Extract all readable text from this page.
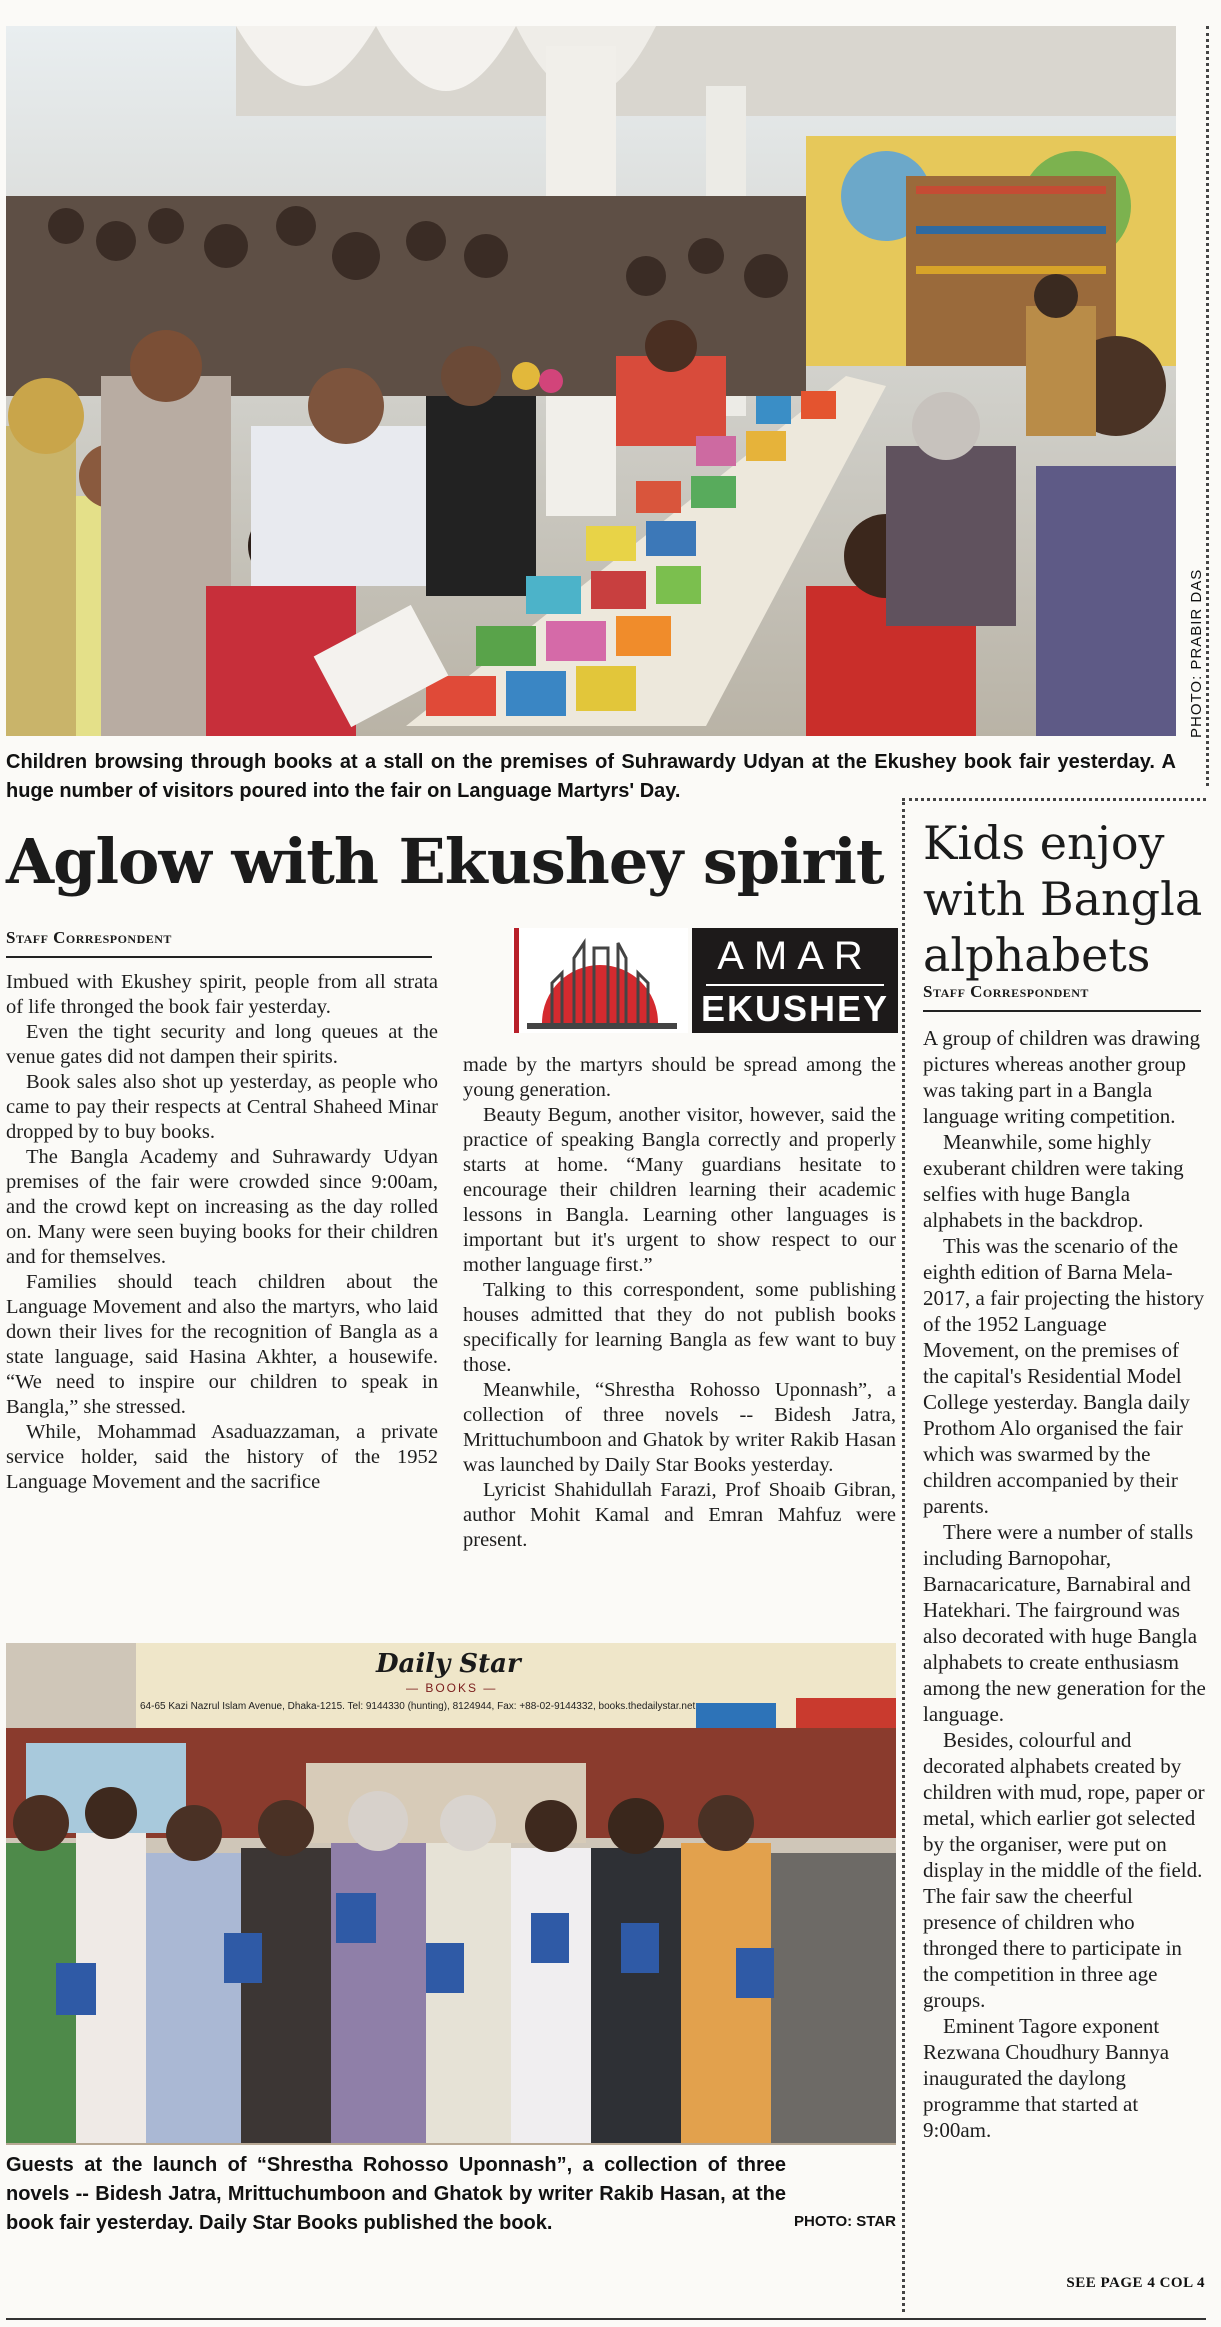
PHOTO: PRABIR DAS
Children browsing through books at a stall on the premises of Suhrawardy Udyan at the Ekushey book fair yesterday. A huge number of visitors poured into the fair on Language Martyrs' Day.
Aglow with Ekushey spirit
Staff Correspondent	AMAR
EKUSHEY

Imbued with Ekushey spirit, people from all strata of life thronged the book fair yesterday.

Even the tight security and long queues at the venue gates did not dampen their spirits.

Book sales also shot up yesterday, as people who came to pay their respects at Central Shaheed Minar dropped by to buy books.

The Bangla Academy and Suhrawardy Udyan premises of the fair were crowded since 9:00am, and the crowd kept on increasing as the day rolled on. Many were seen buying books for their children and for themselves.

Families should teach children about the Language Movement and also the martyrs, who laid down their lives for the recognition of Bangla as a state language, said Hasina Akhter, a housewife. “We need to inspire our children to speak in Bangla,” she stressed.

While, Mohammad Asaduazzaman, a private service holder, said the history of the 1952 Language Movement and the sacrifice

made by the martyrs should be spread among the young generation.

Beauty Begum, another visitor, however, said the practice of speaking Bangla correctly and properly starts at home. “Many guardians hesitate to encourage their children learning their academic lessons in Bangla. Learning other languages is important but it's urgent to show respect to our mother language first.”

Talking to this correspondent, some publishing houses admitted that they do not publish books specifically for learning Bangla as few want to buy those.

Meanwhile, “Shrestha Rohosso Uponnash”, a collection of three novels -- Bidesh Jatra, Mrittuchumboon and Ghatok by writer Rakib Hasan was launched by Daily Star Books yesterday.

Lyricist Shahidullah Farazi, Prof Shoaib Gibran, author Mohit Kamal and Emran Mahfuz were present.

Daily Star
— BOOKS —
64-65 Kazi Nazrul Islam Avenue, Dhaka-1215. Tel: 9144330 (hunting), 8124944, Fax: +88-02-9144332, books.thedailystar.net
Guests at the launch of “Shrestha Rohosso Uponnash”, a collection of three novels -- Bidesh Jatra, Mrittuchumboon and Ghatok by writer Rakib Hasan, at the book fair yesterday. Daily Star Books published the book.	PHOTO: STAR
Kids enjoy with Bangla alphabets
Staff Correspondent

A group of children was drawing pictures whereas another group was taking part in a Bangla language writing competition.

Meanwhile, some highly exuberant children were taking selfies with huge Bangla alphabets in the backdrop.

This was the scenario of the eighth edition of Barna Mela-2017, a fair projecting the history of the 1952 Language Movement, on the premises of the capital's Residential Model College yesterday. Bangla daily Prothom Alo organised the fair which was swarmed by the children accompanied by their parents.

There were a number of stalls including Barnopohar, Barnacaricature, Barnabiral and Hatekhari. The fairground was also decorated with huge Bangla alphabets to create enthusiasm among the new generation for the language.

Besides, colourful and decorated alphabets created by children with mud, rope, paper or metal, which earlier got selected by the organiser, were put on display in the middle of the field. The fair saw the cheerful presence of children who thronged there to participate in the competition in three age groups.

Eminent Tagore exponent Rezwana Choudhury Bannya inaugurated the daylong programme that started at 9:00am.

SEE PAGE 4 COL 4
